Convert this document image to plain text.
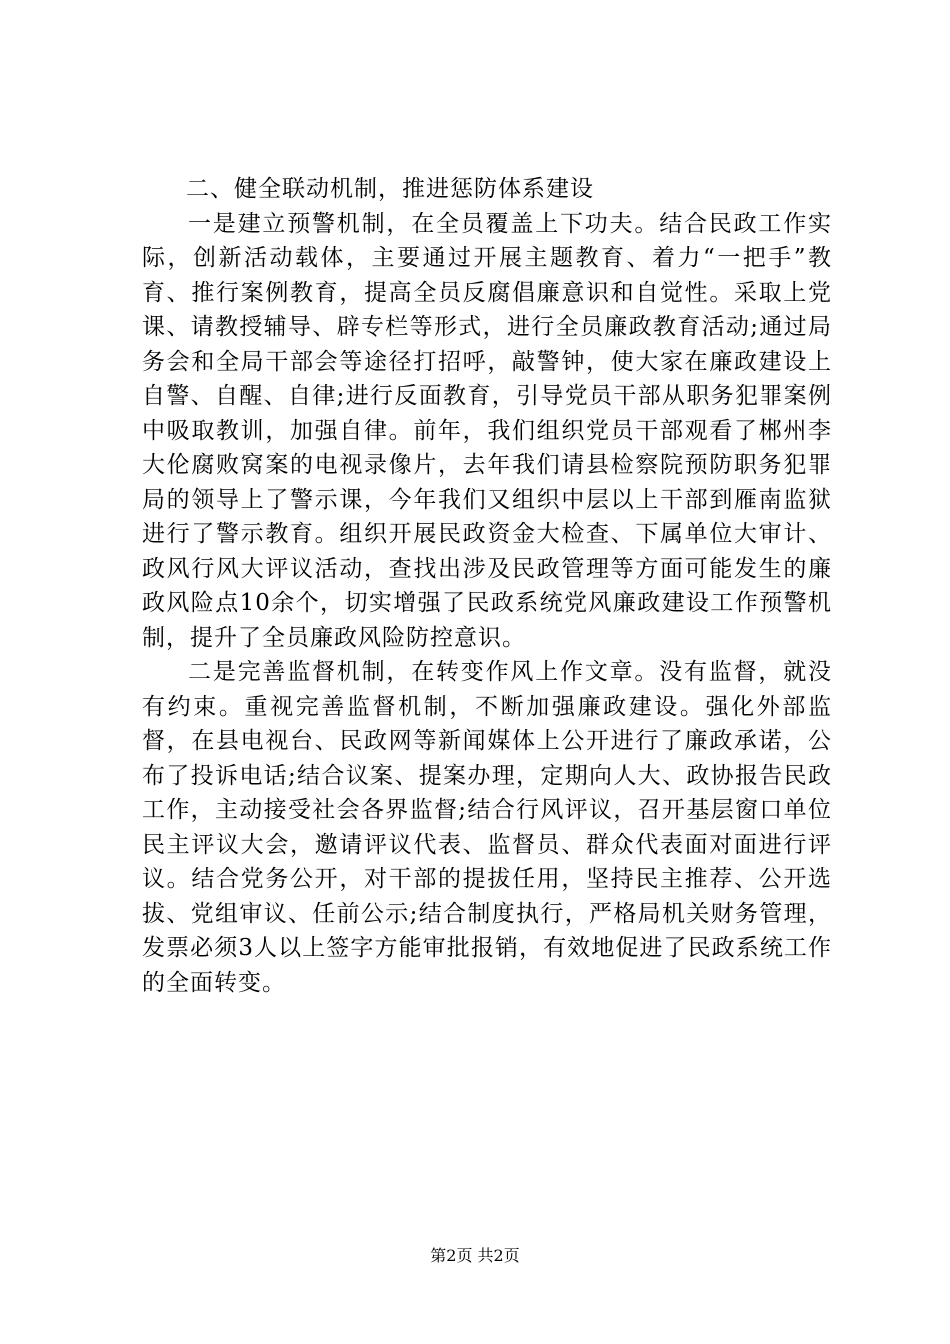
二、健全联动机制，推进惩防体系建设

一是建立预警机制，在全员覆盖上下功夫。结合民政工作实际，创新活动载体，主要通过开展主题教育、着力“一把手”教育、推行案例教育，提高全员反腐倡廉意识和自觉性。采取上党课、请教授辅导、辟专栏等形式，进行全员廉政教育活动;通过局务会和全局干部会等途径打招呼，敲警钟，使大家在廉政建设上自警、自醒、自律;进行反面教育，引导党员干部从职务犯罪案例中吸取教训，加强自律。前年，我们组织党员干部观看了郴州李大伦腐败窝案的电视录像片，去年我们请县检察院预防职务犯罪局的领导上了警示课，今年我们又组织中层以上干部到雁南监狱进行了警示教育。组织开展民政资金大检查、下属单位大审计、政风行风大评议活动，查找出涉及民政管理等方面可能发生的廉政风险点10余个，切实增强了民政系统党风廉政建设工作预警机制，提升了全员廉政风险防控意识。

二是完善监督机制，在转变作风上作文章。没有监督，就没有约束。重视完善监督机制，不断加强廉政建设。强化外部监督，在县电视台、民政网等新闻媒体上公开进行了廉政承诺，公布了投诉电话;结合议案、提案办理，定期向人大、政协报告民政工作，主动接受社会各界监督;结合行风评议，召开基层窗口单位民主评议大会，邀请评议代表、监督员、群众代表面对面进行评议。结合党务公开，对干部的提拔任用，坚持民主推荐、公开选拔、党组审议、任前公示;结合制度执行，严格局机关财务管理，发票必须3人以上签字方能审批报销，有效地促进了民政系统工作的全面转变。

第2页 共2页
